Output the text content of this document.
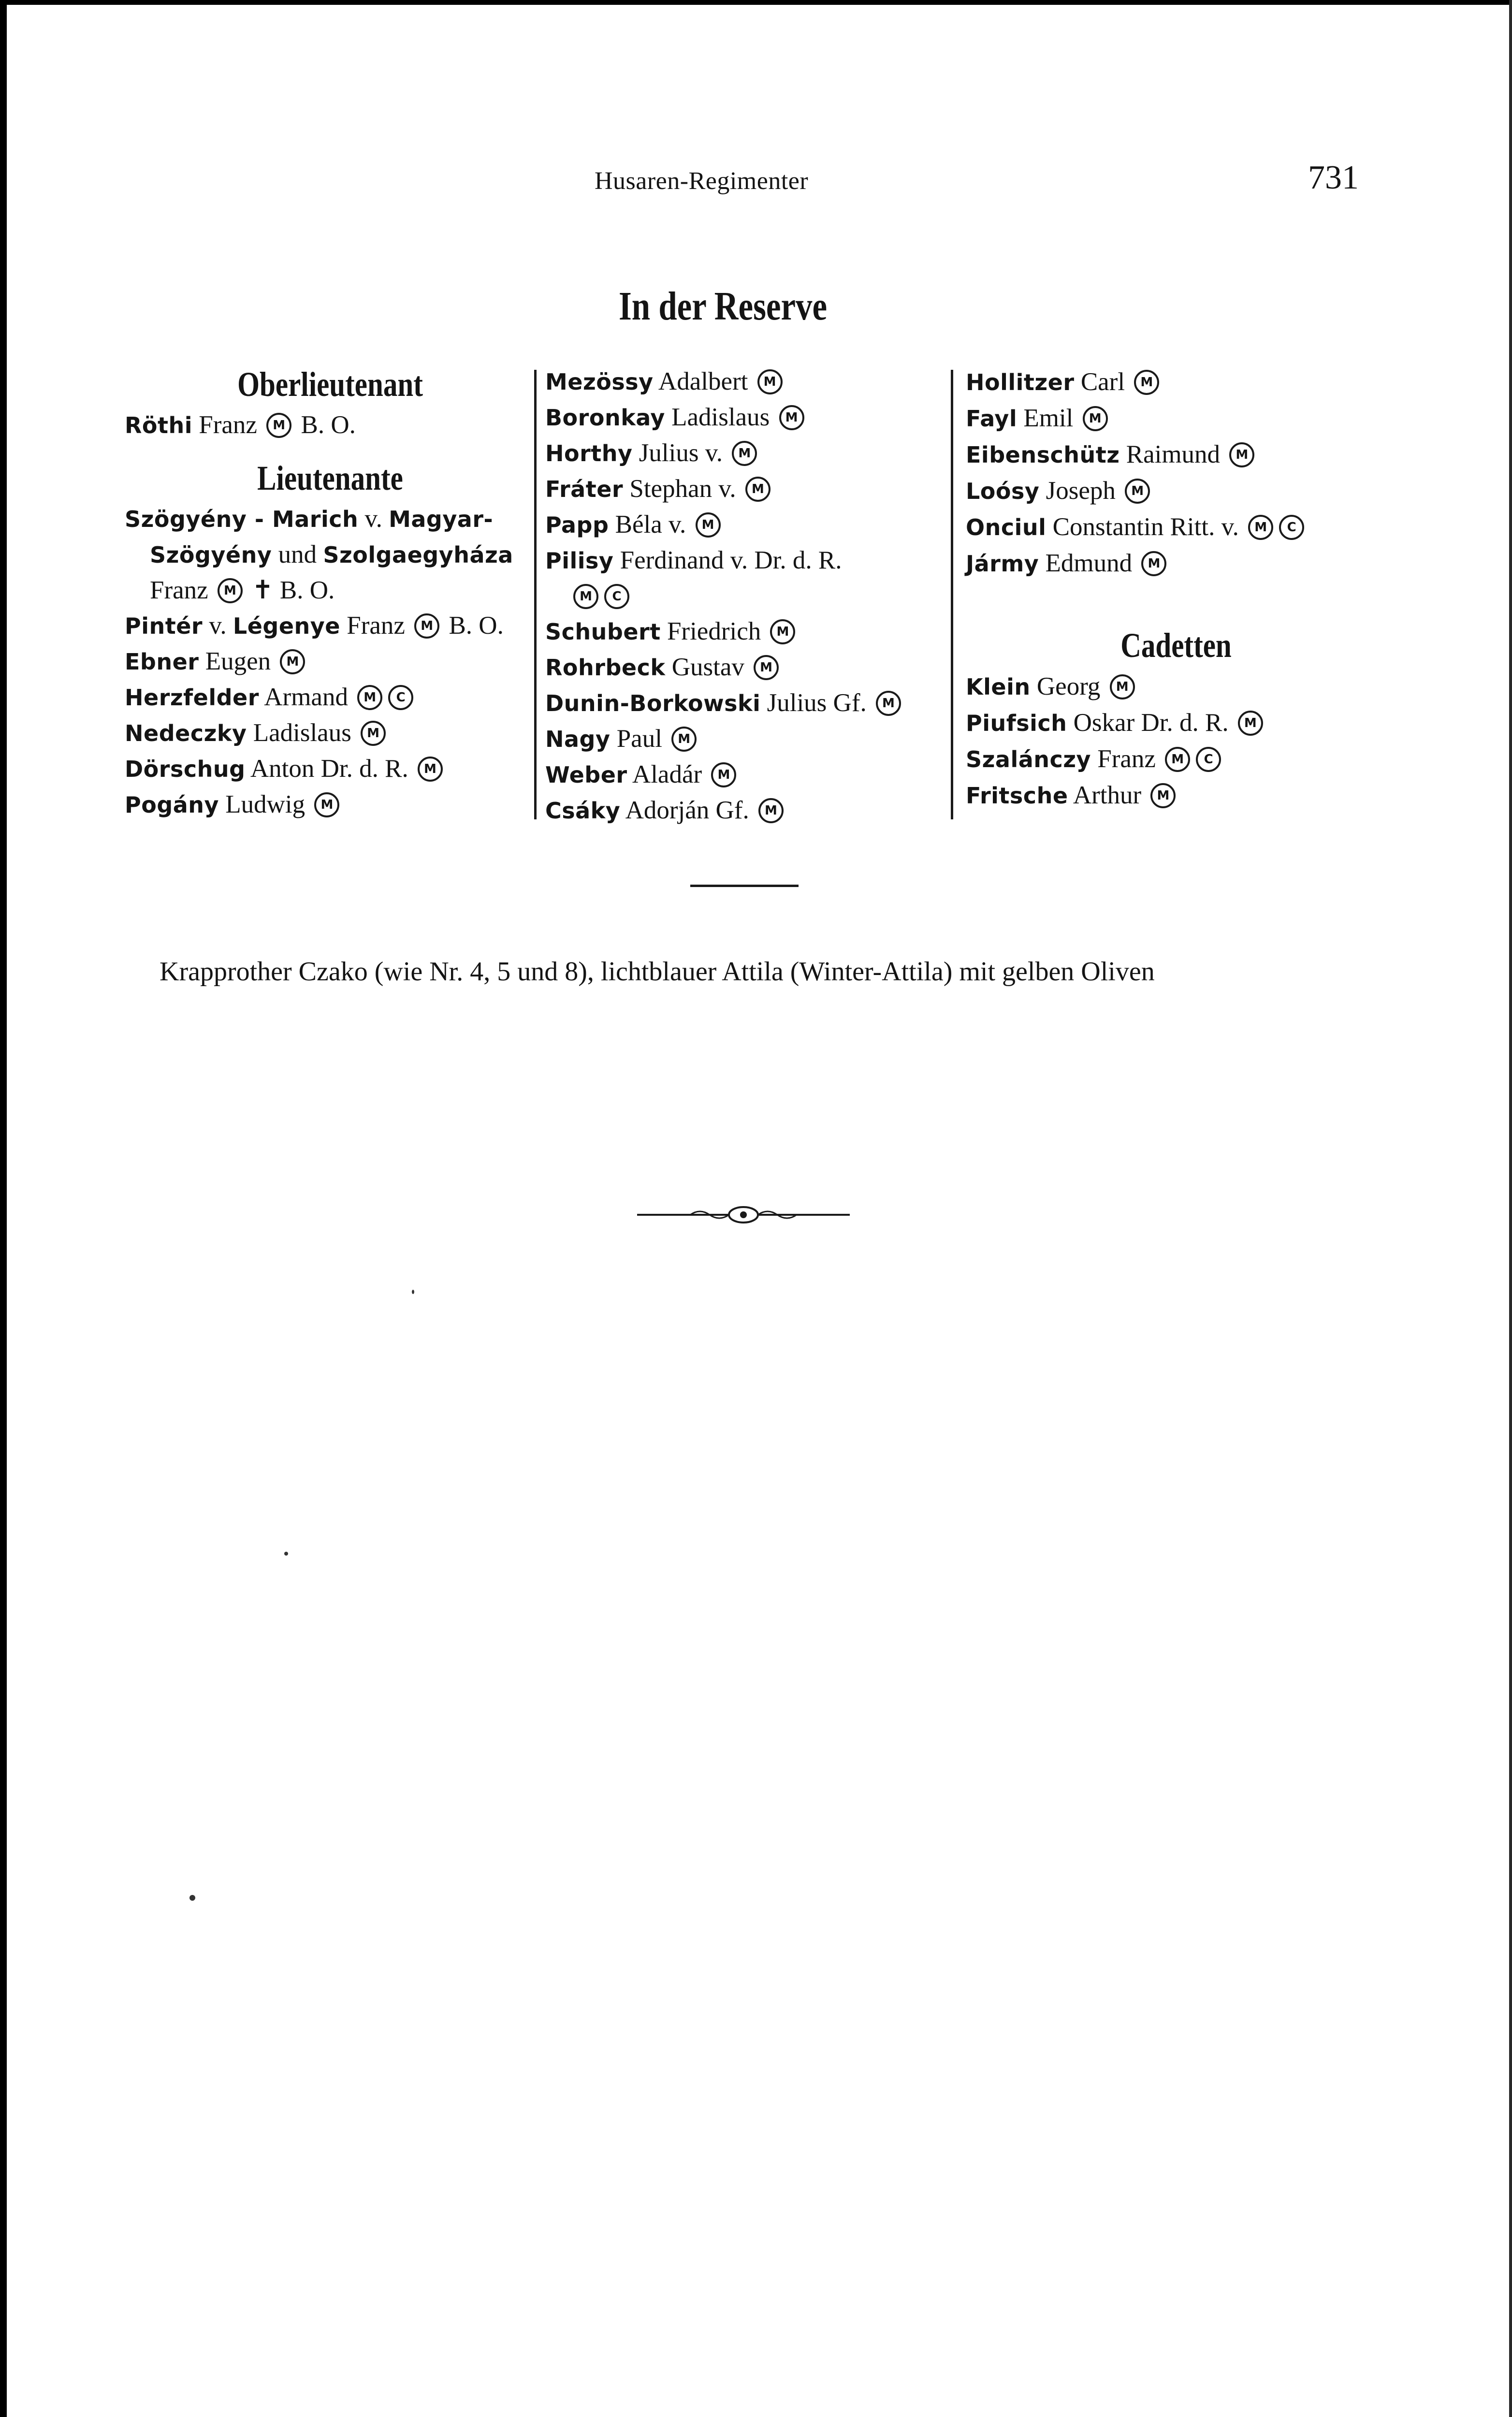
Husaren-Regimenter	731
In der Reserve
Oberlieutenant
Röthi Franz M B. O.
Lieutenante
Szögyény - Marich v. Magyar-
Szögyény und Szolgaegyháza
Franz M ✝ B. O.
Pintér v. Légenye Franz M B. O.
Ebner Eugen M
Herzfelder Armand M C
Nedeczky Ladislaus M
Dörschug Anton Dr. d. R. M
Pogány Ludwig M
Mezössy Adalbert M
Boronkay Ladislaus M
Horthy Julius v. M
Fráter Stephan v. M
Papp Béla v. M
Pilisy Ferdinand v. Dr. d. R.
M C
Schubert Friedrich M
Rohrbeck Gustav M
Dunin-Borkowski Julius Gf. M
Nagy Paul M
Weber Aladár M
Csáky Adorján Gf. M
Hollitzer Carl M
Fayl Emil M
Eibenschütz Raimund M
Loósy Joseph M
Onciul Constantin Ritt. v. M C
Jármy Edmund M
Cadetten
Klein Georg M
Piufsich Oskar Dr. d. R. M
Szalánczy Franz M C
Fritsche Arthur M
Krapprother Czako (wie Nr. 4, 5 und 8), lichtblauer Attila (Winter-Attila) mit gelben Oliven
